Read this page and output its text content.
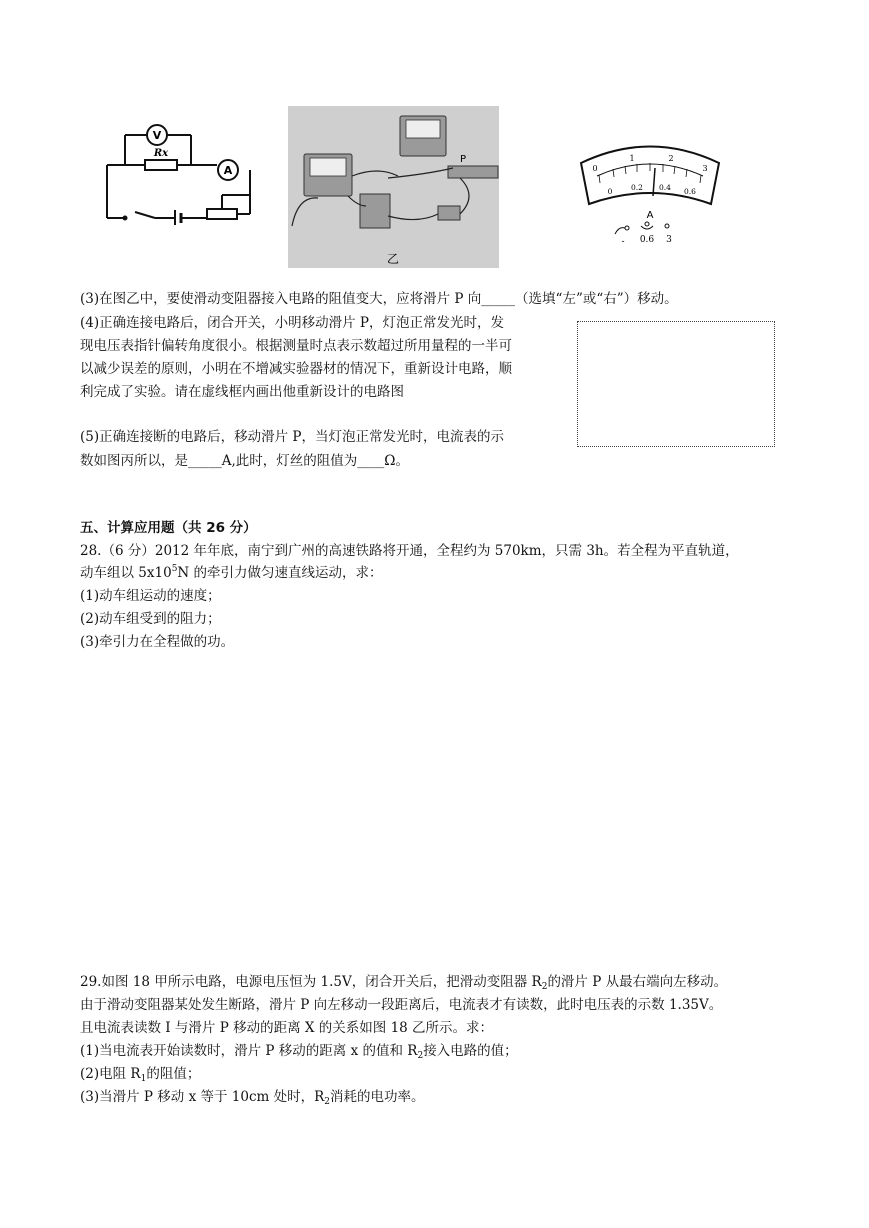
V
A
Rx
P
乙
0
1	2
3
0 0.2 0.4 0.6
A
- 0.6 3
(3)在图乙中，要使滑动变阻器接入电路的阻值变大，应将滑片 P 向_____（选填“左”或“右”）移动。
(4)正确连接电路后，闭合开关，小明移动滑片 P，灯泡正常发光时，发
现电压表指针偏转角度很小。根据测量时点表示数超过所用量程的一半可
以减少误差的原则，小明在不增减实验器材的情况下，重新设计电路，顺
利完成了实验。请在虚线框内画出他重新设计的电路图
(5)正确连接断的电路后，移动滑片 P，当灯泡正常发光时，电流表的示
数如图丙所以，是_____A,此时，灯丝的阻值为____Ω。
五、计算应用题（共 26 分）
28.（6 分）2012 年年底，南宁到广州的高速铁路将开通，全程约为 570km，只需 3h。若全程为平直轨道，
动车组以 $5x10^5N$ 的牵引力做匀速直线运动，求：
(1)动车组运动的速度；
(2)动车组受到的阻力；
(3)牵引力在全程做的功。
29.如图 18 甲所示电路，电源电压恒为 1.5V，闭合开关后，把滑动变阻器 $R_2$的滑片 P 从最右端向左移动。
由于滑动变阻器某处发生断路，滑片 P 向左移动一段距离后，电流表才有读数，此时电压表的示数 1.35V。
且电流表读数 I 与滑片 P 移动的距离 X 的关系如图 18 乙所示。求：
(1)当电流表开始读数时，滑片 P 移动的距离 x 的值和 $R_2$接入电路的值；
(2)电阻 $R_1$的阻值；
(3)当滑片 P 移动 x 等于 10cm 处时，$R_2$消耗的电功率。
